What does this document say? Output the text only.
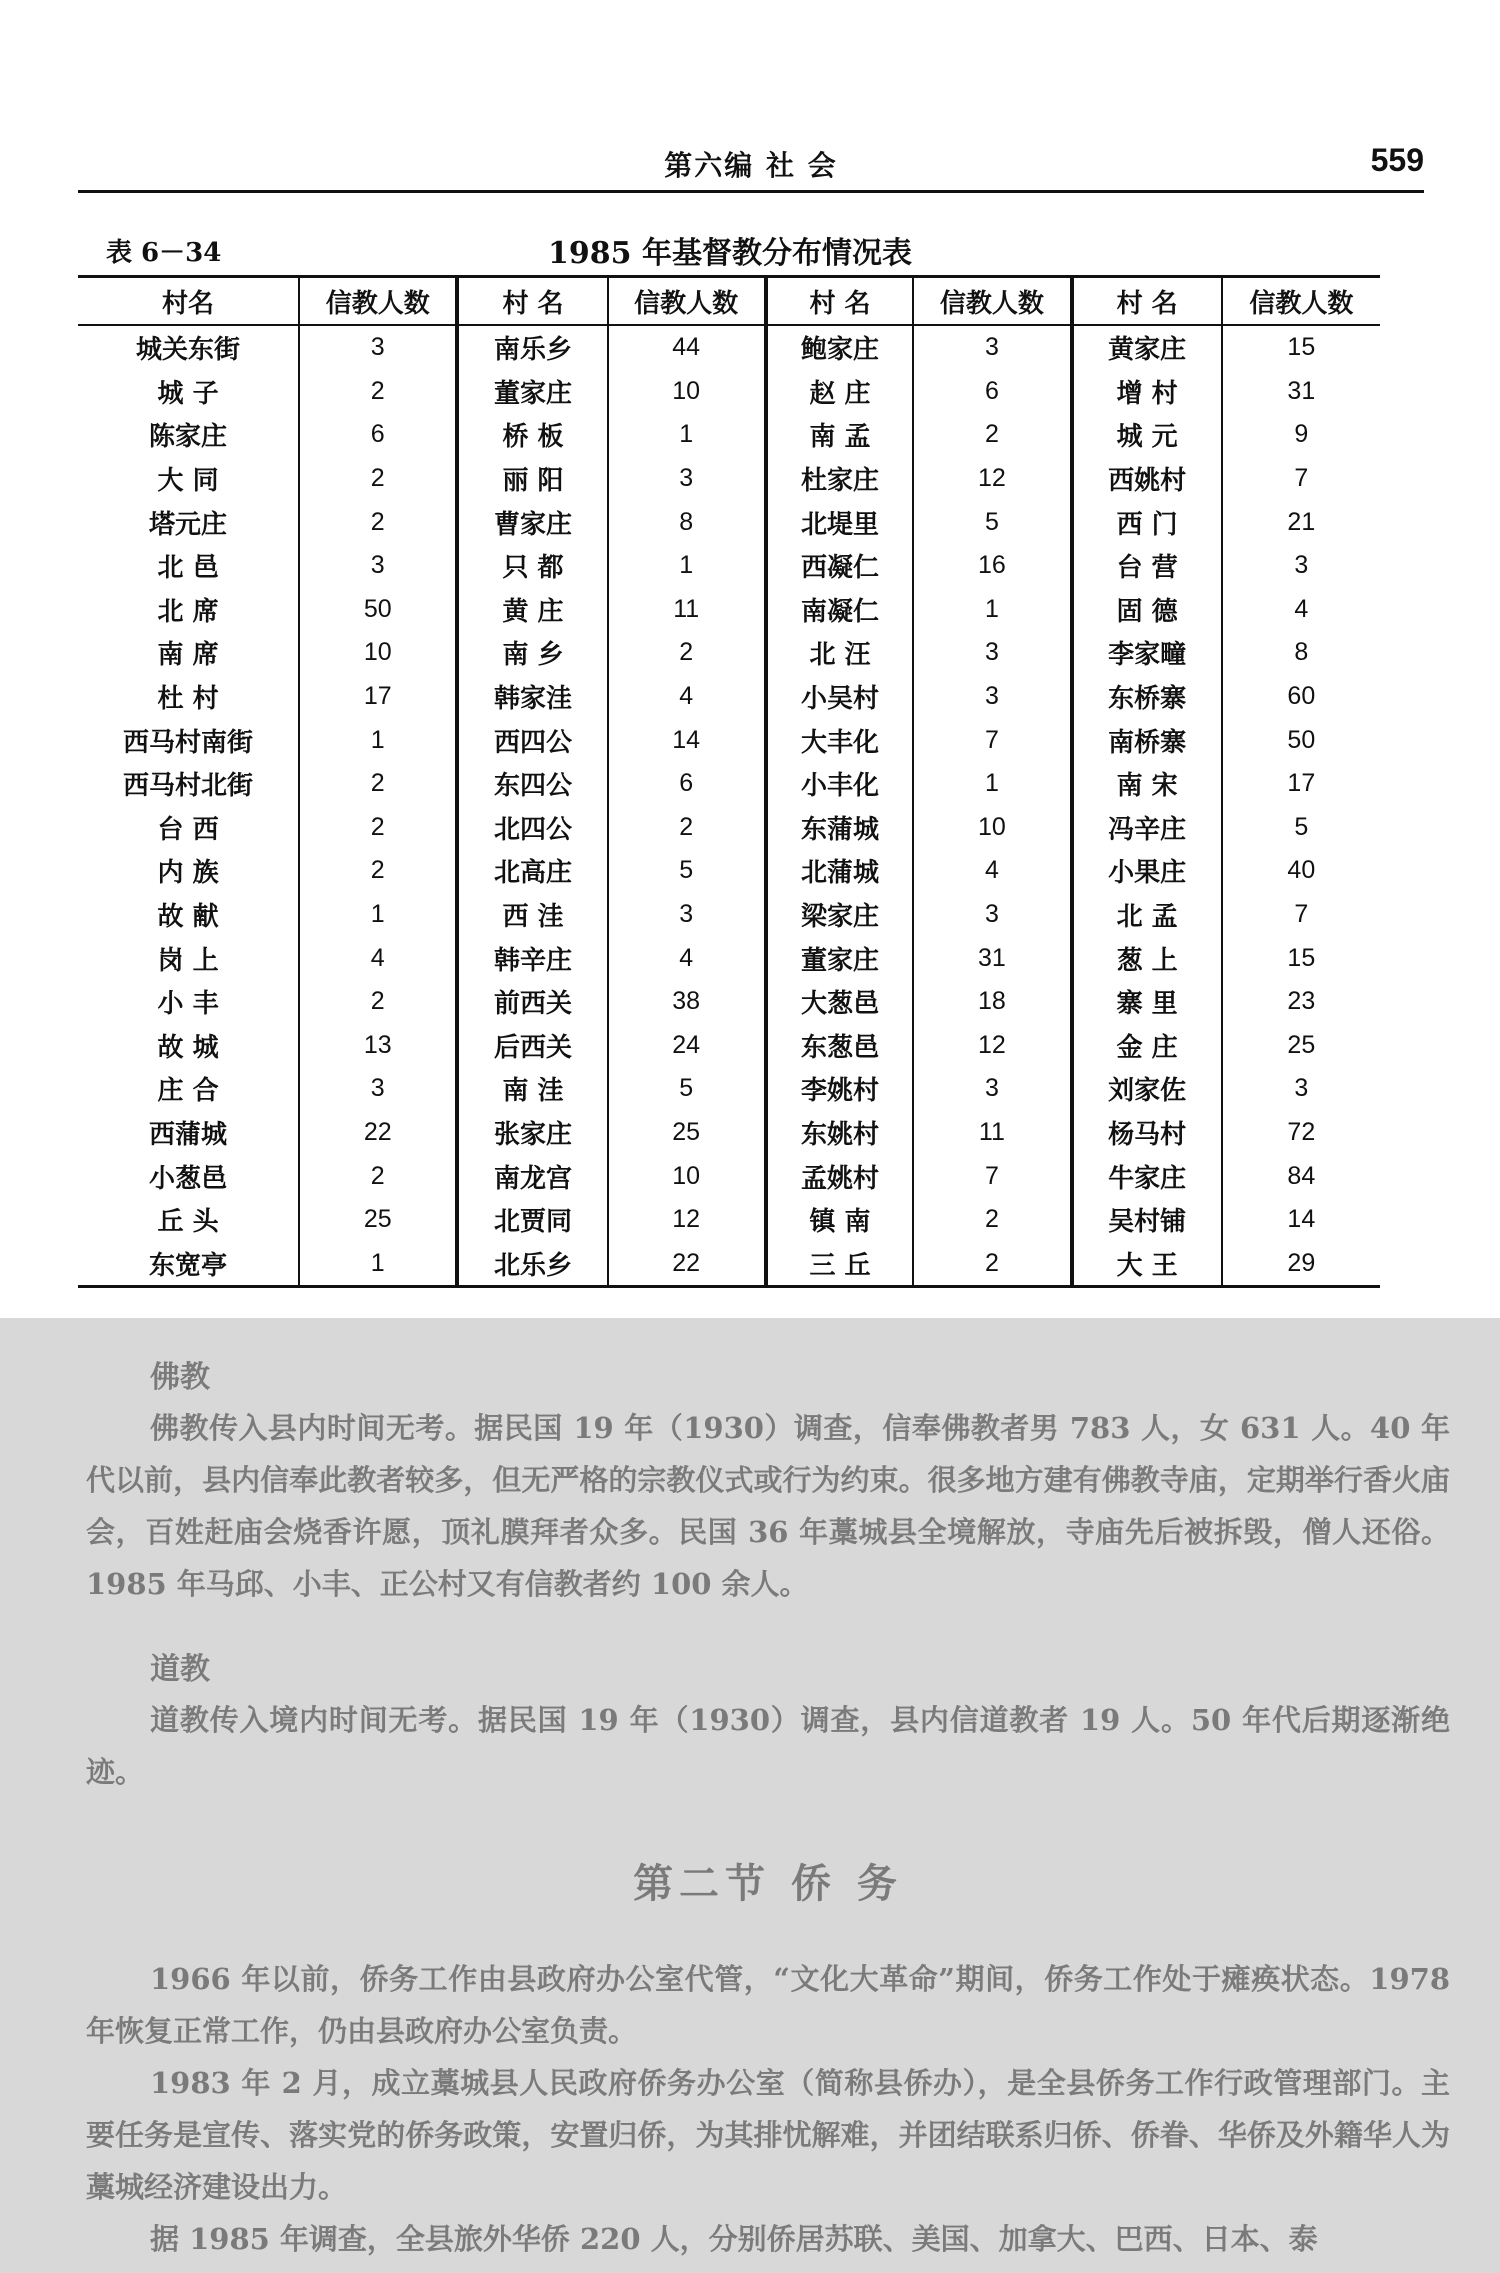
第六编 社 会	559
表 6－34	1985 年基督教分布情况表
村名	信教人数	村 名	信教人数	村 名	信教人数	村 名	信教人数
城关东街	3	南乐乡	44	鲍家庄	3	黄家庄	15
城 子	2	董家庄	10	赵 庄	6	增 村	31
陈家庄	6	桥 板	1	南 孟	2	城 元	9
大 同	2	丽 阳	3	杜家庄	12	西姚村	7
塔元庄	2	曹家庄	8	北堤里	5	西 门	21
北 邑	3	只 都	1	西凝仁	16	台 营	3
北 席	50	黄 庄	11	南凝仁	1	固 德	4
南 席	10	南 乡	2	北 汪	3	李家疃	8
杜 村	17	韩家洼	4	小吴村	3	东桥寨	60
西马村南街	1	西四公	14	大丰化	7	南桥寨	50
西马村北街	2	东四公	6	小丰化	1	南 宋	17
台 西	2	北四公	2	东蒲城	10	冯辛庄	5
内 族	2	北高庄	5	北蒲城	4	小果庄	40
故 献	1	西 洼	3	梁家庄	3	北 孟	7
岗 上	4	韩辛庄	4	董家庄	31	葱 上	15
小 丰	2	前西关	38	大葱邑	18	寨 里	23
故 城	13	后西关	24	东葱邑	12	金 庄	25
庄 合	3	南 洼	5	李姚村	3	刘家佐	3
西蒲城	22	张家庄	25	东姚村	11	杨马村	72
小葱邑	2	南龙宫	10	孟姚村	7	牛家庄	84
丘 头	25	北贾同	12	镇 南	2	吴村铺	14
东宽亭	1	北乐乡	22	三 丘	2	大 王	29
佛教

佛教传入县内时间无考。据民国 19 年（1930）调查，信奉佛教者男 783 人，女 631 人。40 年代以前，县内信奉此教者较多，但无严格的宗教仪式或行为约束。很多地方建有佛教寺庙，定期举行香火庙会，百姓赶庙会烧香许愿，顶礼膜拜者众多。民国 36 年藁城县全境解放，寺庙先后被拆毁，僧人还俗。1985 年马邱、小丰、正公村又有信教者约 100 余人。

道教

道教传入境内时间无考。据民国 19 年（1930）调查，县内信道教者 19 人。50 年代后期逐渐绝迹。

第二节 侨 务

1966 年以前，侨务工作由县政府办公室代管，“文化大革命”期间，侨务工作处于瘫痪状态。1978 年恢复正常工作，仍由县政府办公室负责。

1983 年 2 月，成立藁城县人民政府侨务办公室（简称县侨办），是全县侨务工作行政管理部门。主要任务是宣传、落实党的侨务政策，安置归侨，为其排忧解难，并团结联系归侨、侨眷、华侨及外籍华人为藁城经济建设出力。

据 1985 年调查，全县旅外华侨 220 人，分别侨居苏联、美国、加拿大、巴西、日本、泰
